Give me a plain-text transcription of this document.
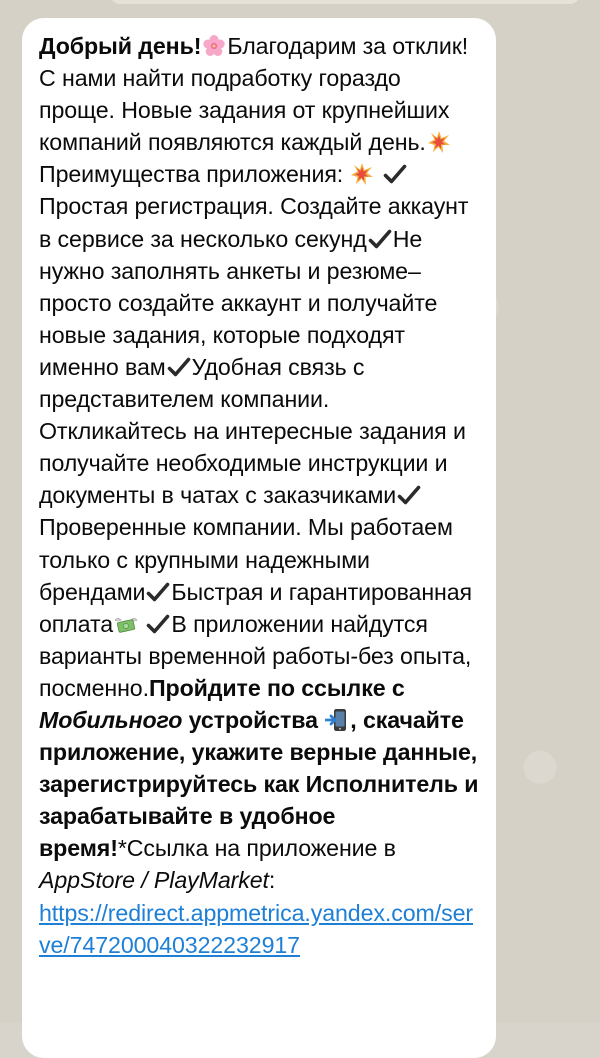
Добрый день! Благодарим за отклик!С нами найти подработку гораздо проще. Новые задания от крупнейших компаний появляются каждый день.
Преимущества приложения:

Простая регистрация. Создайте аккаунт в сервисе за несколько секунд Не нужно заполнять анкеты и резюме–просто создайте аккаунт и получайте новые задания, которые подходят именно вам Удобная связь с представителем компании. Откликайтесь на интересные задания и получайте необходимые инструкции и документы в чатах с заказчиками
Проверенные компании. Мы работаем только с крупными надежными брендами Быстрая и гарантированная оплата
	В приложении найдутся варианты временной работы-без опыта, посменно.Пройдите по ссылке с Мобильного устройства , скачайте приложение, укажите верные данные, зарегистрируйтесь как Исполнитель и зарабатывайте в удобное время!*Ссылка на приложение в AppStore / PlayMarket: https://redirect.appmetrica.yandex.com/serve/747200040322232917
